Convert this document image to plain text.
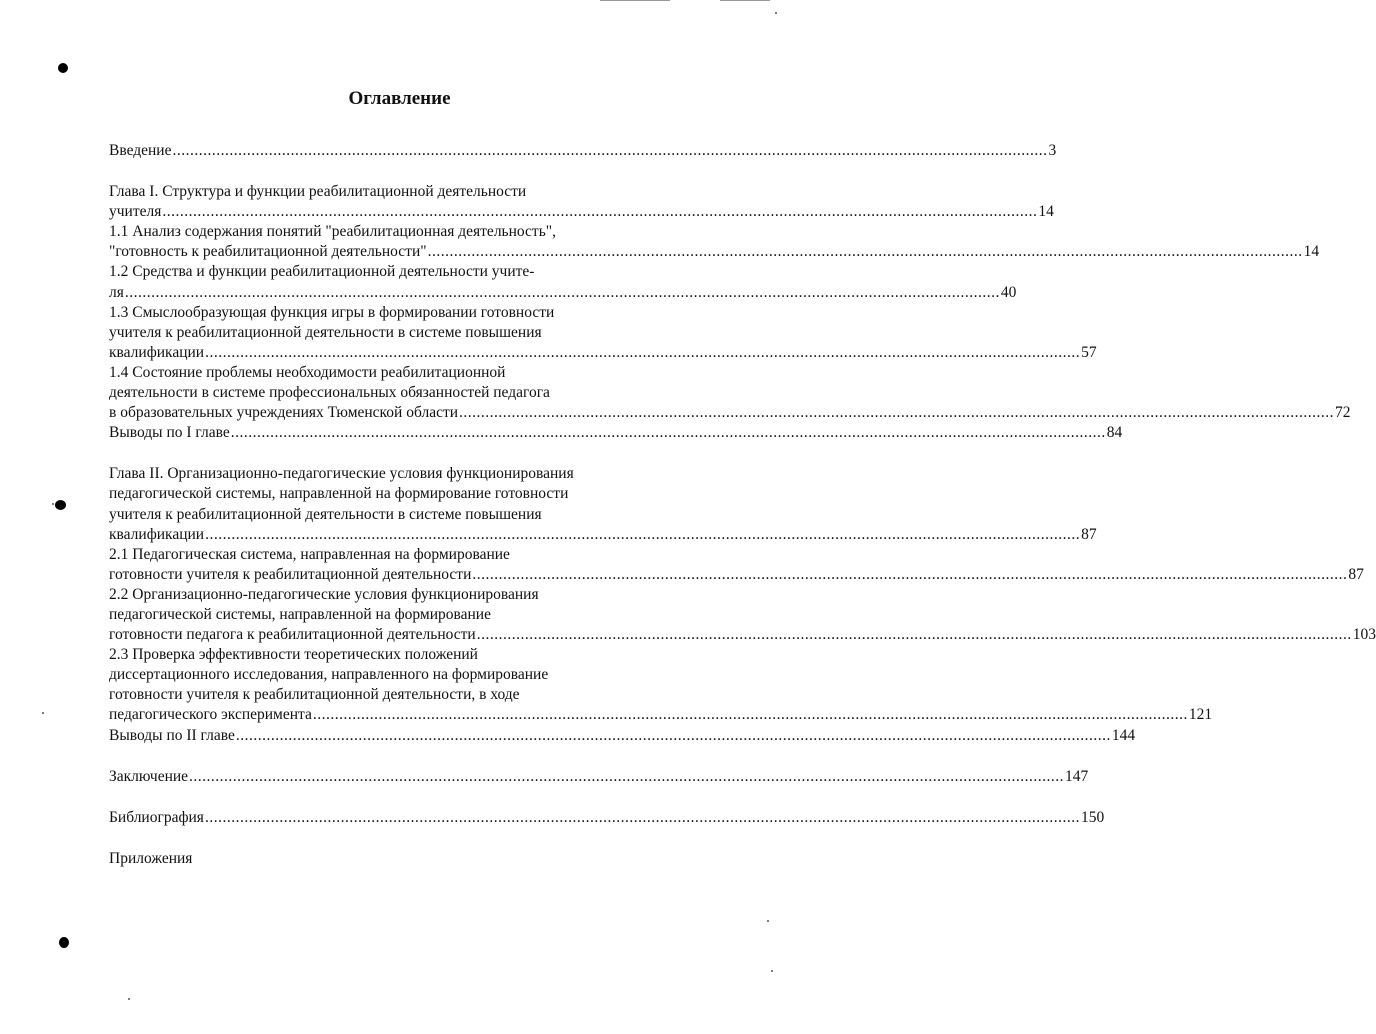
Оглавление
Введение ........................................................................................................................................................................................................ 3
Глава I. Структура и функции реабилитационной деятельности
учителя ........................................................................................................................................................................................................ 14
1.1 Анализ содержания понятий "реабилитационная деятельность",
"готовность к реабилитационной деятельности" ........................................................................................................................................................................................................ 14
1.2 Средства и функции реабилитационной деятельности учите-
ля ........................................................................................................................................................................................................ 40
1.3 Смыслообразующая функция игры в формировании готовности
учителя к реабилитационной деятельности в системе повышения
квалификации ........................................................................................................................................................................................................ 57
1.4 Состояние проблемы необходимости реабилитационной
деятельности в системе профессиональных обязанностей педагога
в образовательных учреждениях Тюменской области ........................................................................................................................................................................................................ 72
Выводы по I главе ........................................................................................................................................................................................................ 84
Глава II. Организационно-педагогические условия функционирования
педагогической системы, направленной на формирование готовности
учителя к реабилитационной деятельности в системе повышения
квалификации ........................................................................................................................................................................................................ 87
2.1 Педагогическая система, направленная на формирование
готовности учителя к реабилитационной деятельности ........................................................................................................................................................................................................ 87
2.2 Организационно-педагогические условия функционирования
педагогической системы, направленной на формирование
готовности педагога к реабилитационной деятельности ........................................................................................................................................................................................................ 103
2.3 Проверка эффективности теоретических положений
диссертационного исследования, направленного на формирование
готовности учителя к реабилитационной деятельности, в ходе
педагогического эксперимента ........................................................................................................................................................................................................ 121
Выводы по II главе ........................................................................................................................................................................................................ 144
Заключение ........................................................................................................................................................................................................ 147
Библиография ........................................................................................................................................................................................................ 150
Приложения
